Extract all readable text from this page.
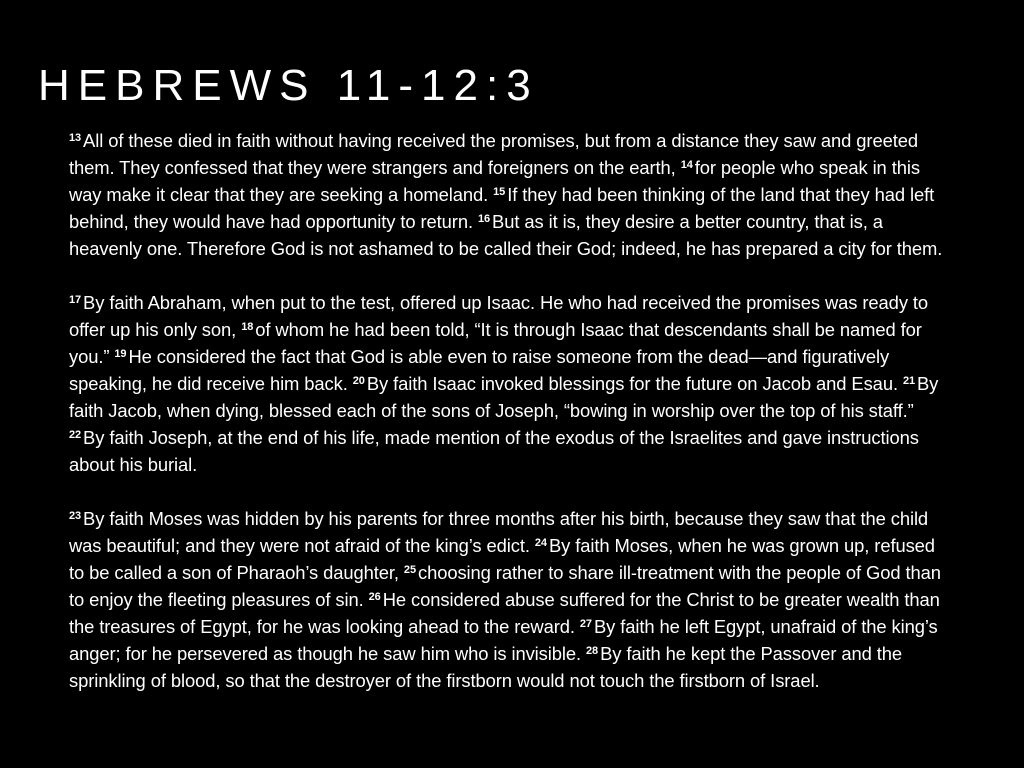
HEBREWS 11-12:3

$^{13}$ All of these died in faith without having received the promises, but from a distance they saw and greeted them. They confessed that they were strangers and foreigners on the earth, $^{14}$ for people who speak in this way make it clear that they are seeking a homeland. $^{15}$ If they had been thinking of the land that they had left behind, they would have had opportunity to return. $^{16}$ But as it is, they desire a better country, that is, a heavenly one. Therefore God is not ashamed to be called their God; indeed, he has prepared a city for them.

$^{17}$ By faith Abraham, when put to the test, offered up Isaac. He who had received the promises was ready to offer up his only son, $^{18}$ of whom he had been told, “It is through Isaac that descendants shall be named for you.” $^{19}$ He considered the fact that God is able even to raise someone from the dead—and figuratively speaking, he did receive him back. $^{20}$ By faith Isaac invoked blessings for the future on Jacob and Esau. $^{21}$ By faith Jacob, when dying, blessed each of the sons of Joseph, “bowing in worship over the top of his staff.” $^{22}$ By faith Joseph, at the end of his life, made mention of the exodus of the Israelites and gave instructions about his burial.

$^{23}$ By faith Moses was hidden by his parents for three months after his birth, because they saw that the child was beautiful; and they were not afraid of the king’s edict. $^{24}$ By faith Moses, when he was grown up, refused to be called a son of Pharaoh’s daughter, $^{25}$ choosing rather to share ill-treatment with the people of God than to enjoy the fleeting pleasures of sin. $^{26}$ He considered abuse suffered for the Christ to be greater wealth than the treasures of Egypt, for he was looking ahead to the reward. $^{27}$ By faith he left Egypt, unafraid of the king’s anger; for he persevered as though he saw him who is invisible. $^{28}$ By faith he kept the Passover and the sprinkling of blood, so that the destroyer of the firstborn would not touch the firstborn of Israel.
